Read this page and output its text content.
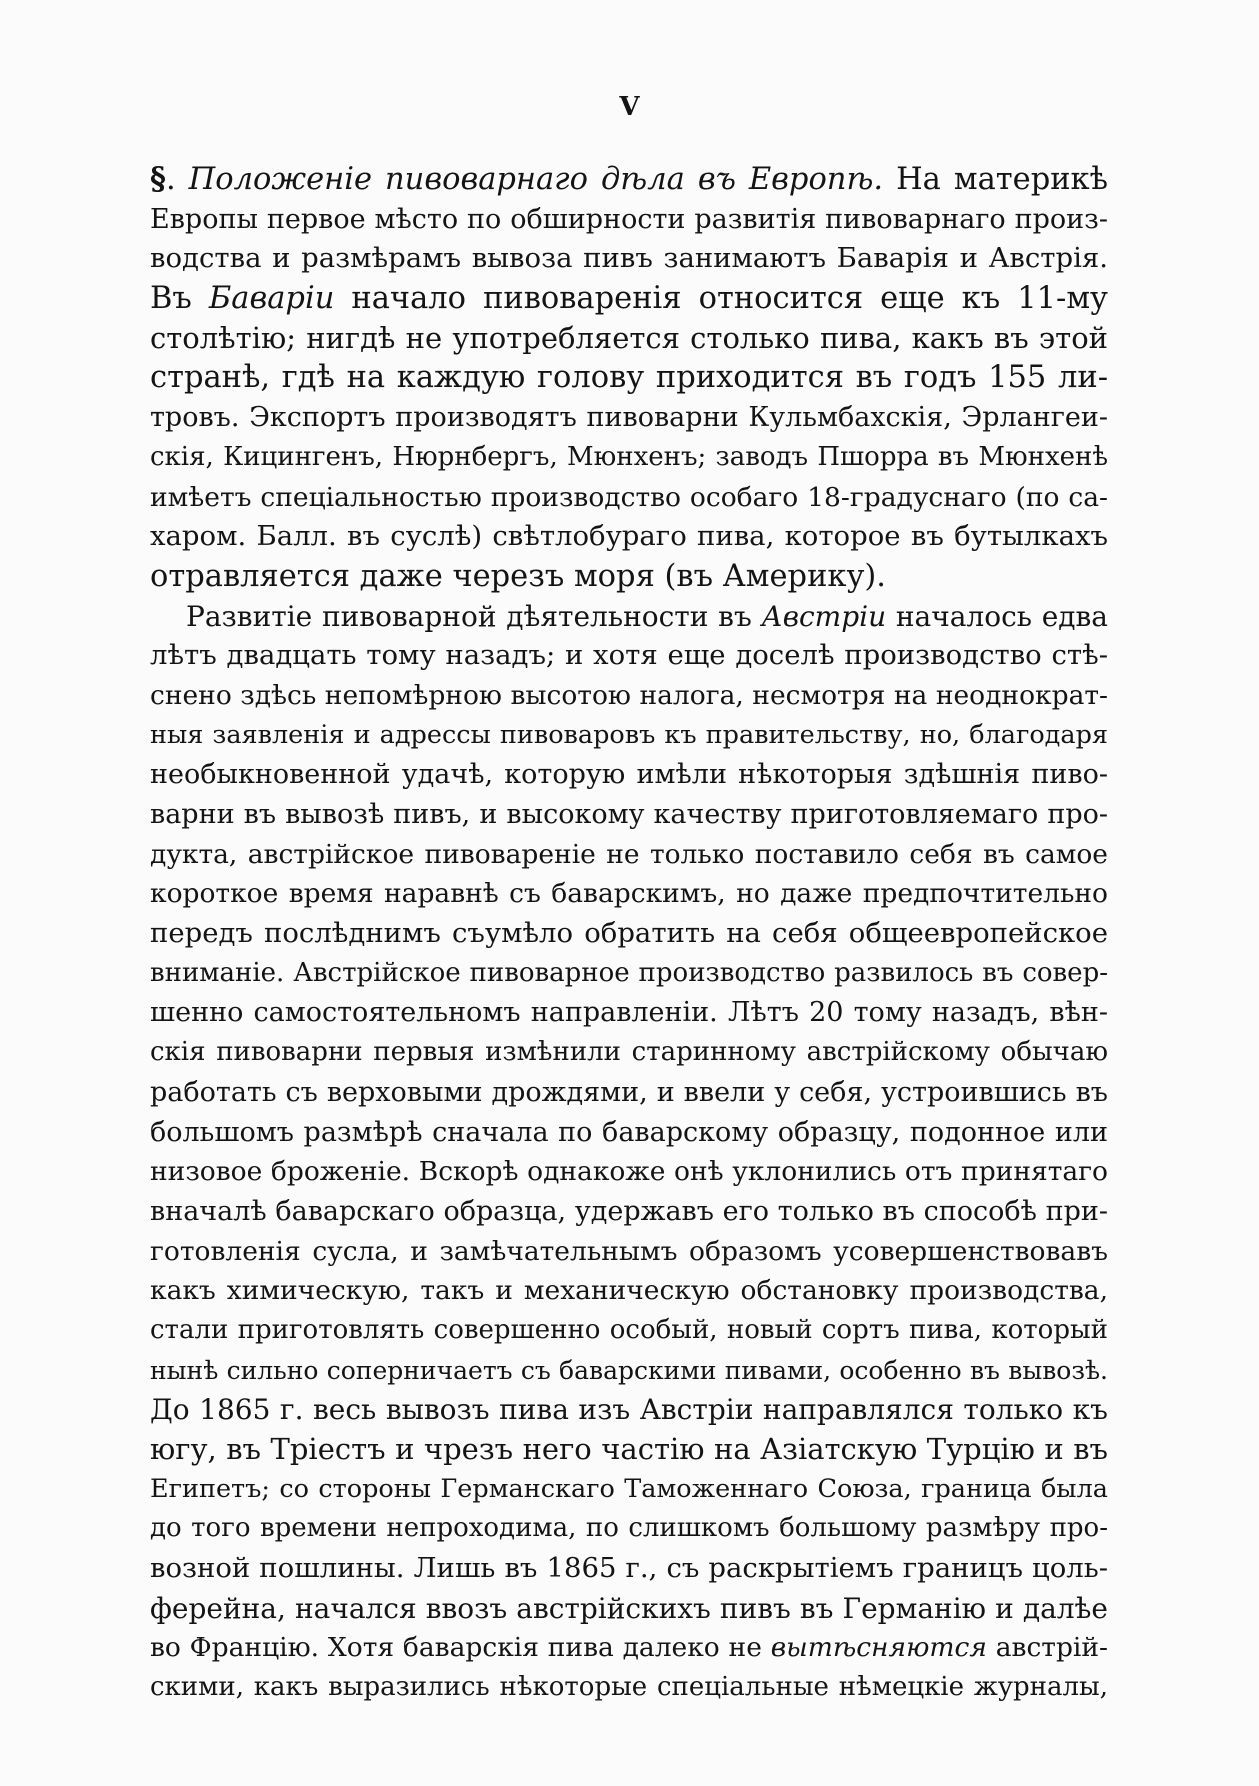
V
§. Положеніе пивоварнаго дѣла въ Европѣ. На материкѣ
Европы первое мѣсто по обширности развитія пивоварнаго произ-
водства и размѣрамъ вывоза пивъ занимаютъ Баварія и Австрія.
Въ Баваріи начало пивоваренія относится еще къ 11-му
столѣтію; нигдѣ не употребляется столько пива, какъ въ этой
странѣ, гдѣ на каждую голову приходится въ годъ 155 ли-
тровъ. Экспортъ производятъ пивоварни Кульмбахскія, Эрлангеи-
скія, Кицингенъ, Нюрнбергъ, Мюнхенъ; заводъ Пшорра въ Мюнхенѣ
имѣетъ спеціальностью производство особаго 18-градуснаго (по са-
харом. Балл. въ суслѣ) свѣтлобураго пива, которое въ бутылкахъ
отравляется даже черезъ моря (въ Америку).
Развитіе пивоварной дѣятельности въ Австріи началось едва
лѣтъ двадцать тому назадъ; и хотя еще доселѣ производство стѣ-
снено здѣсь непомѣрною высотою налога, несмотря на неоднократ-
ныя заявленія и адрессы пивоваровъ къ правительству, но, благодаря
необыкновенной удачѣ, которую имѣли нѣкоторыя здѣшнія пиво-
варни въ вывозѣ пивъ, и высокому качеству приготовляемаго про-
дукта, австрійское пивовареніе не только поставило себя въ самое
короткое время наравнѣ съ баварскимъ, но даже предпочтительно
передъ послѣднимъ съумѣло обратить на себя общеевропейское
вниманіе. Австрійское пивоварное производство развилось въ совер-
шенно самостоятельномъ направленіи. Лѣтъ 20 тому назадъ, вѣн-
скія пивоварни первыя измѣнили старинному австрійскому обычаю
работать съ верховыми дрождями, и ввели у себя, устроившись въ
большомъ размѣрѣ сначала по баварскому образцу, подонное или
низовое броженіе. Вскорѣ однакоже онѣ уклонились отъ принятаго
вначалѣ баварскаго образца, удержавъ его только въ способѣ при-
готовленія сусла, и замѣчательнымъ образомъ усовершенствовавъ
какъ химическую, такъ и механическую обстановку производства,
стали приготовлять совершенно особый, новый сортъ пива, который
нынѣ сильно соперничаетъ съ баварскими пивами, особенно въ вывозѣ.
До 1865 г. весь вывозъ пива изъ Австріи направлялся только къ
югу, въ Тріестъ и чрезъ него частію на Азіатскую Турцію и въ
Египетъ; со стороны Германскаго Таможеннаго Союза, граница была
до того времени непроходима, по слишкомъ большому размѣру про-
возной пошлины. Лишь въ 1865 г., съ раскрытіемъ границъ цоль-
ферейна, начался ввозъ австрійскихъ пивъ въ Германію и далѣе
во Францію. Хотя баварскія пива далеко не вытѣсняются австрій-
скими, какъ выразились нѣкоторые спеціальные нѣмецкіе журналы,
